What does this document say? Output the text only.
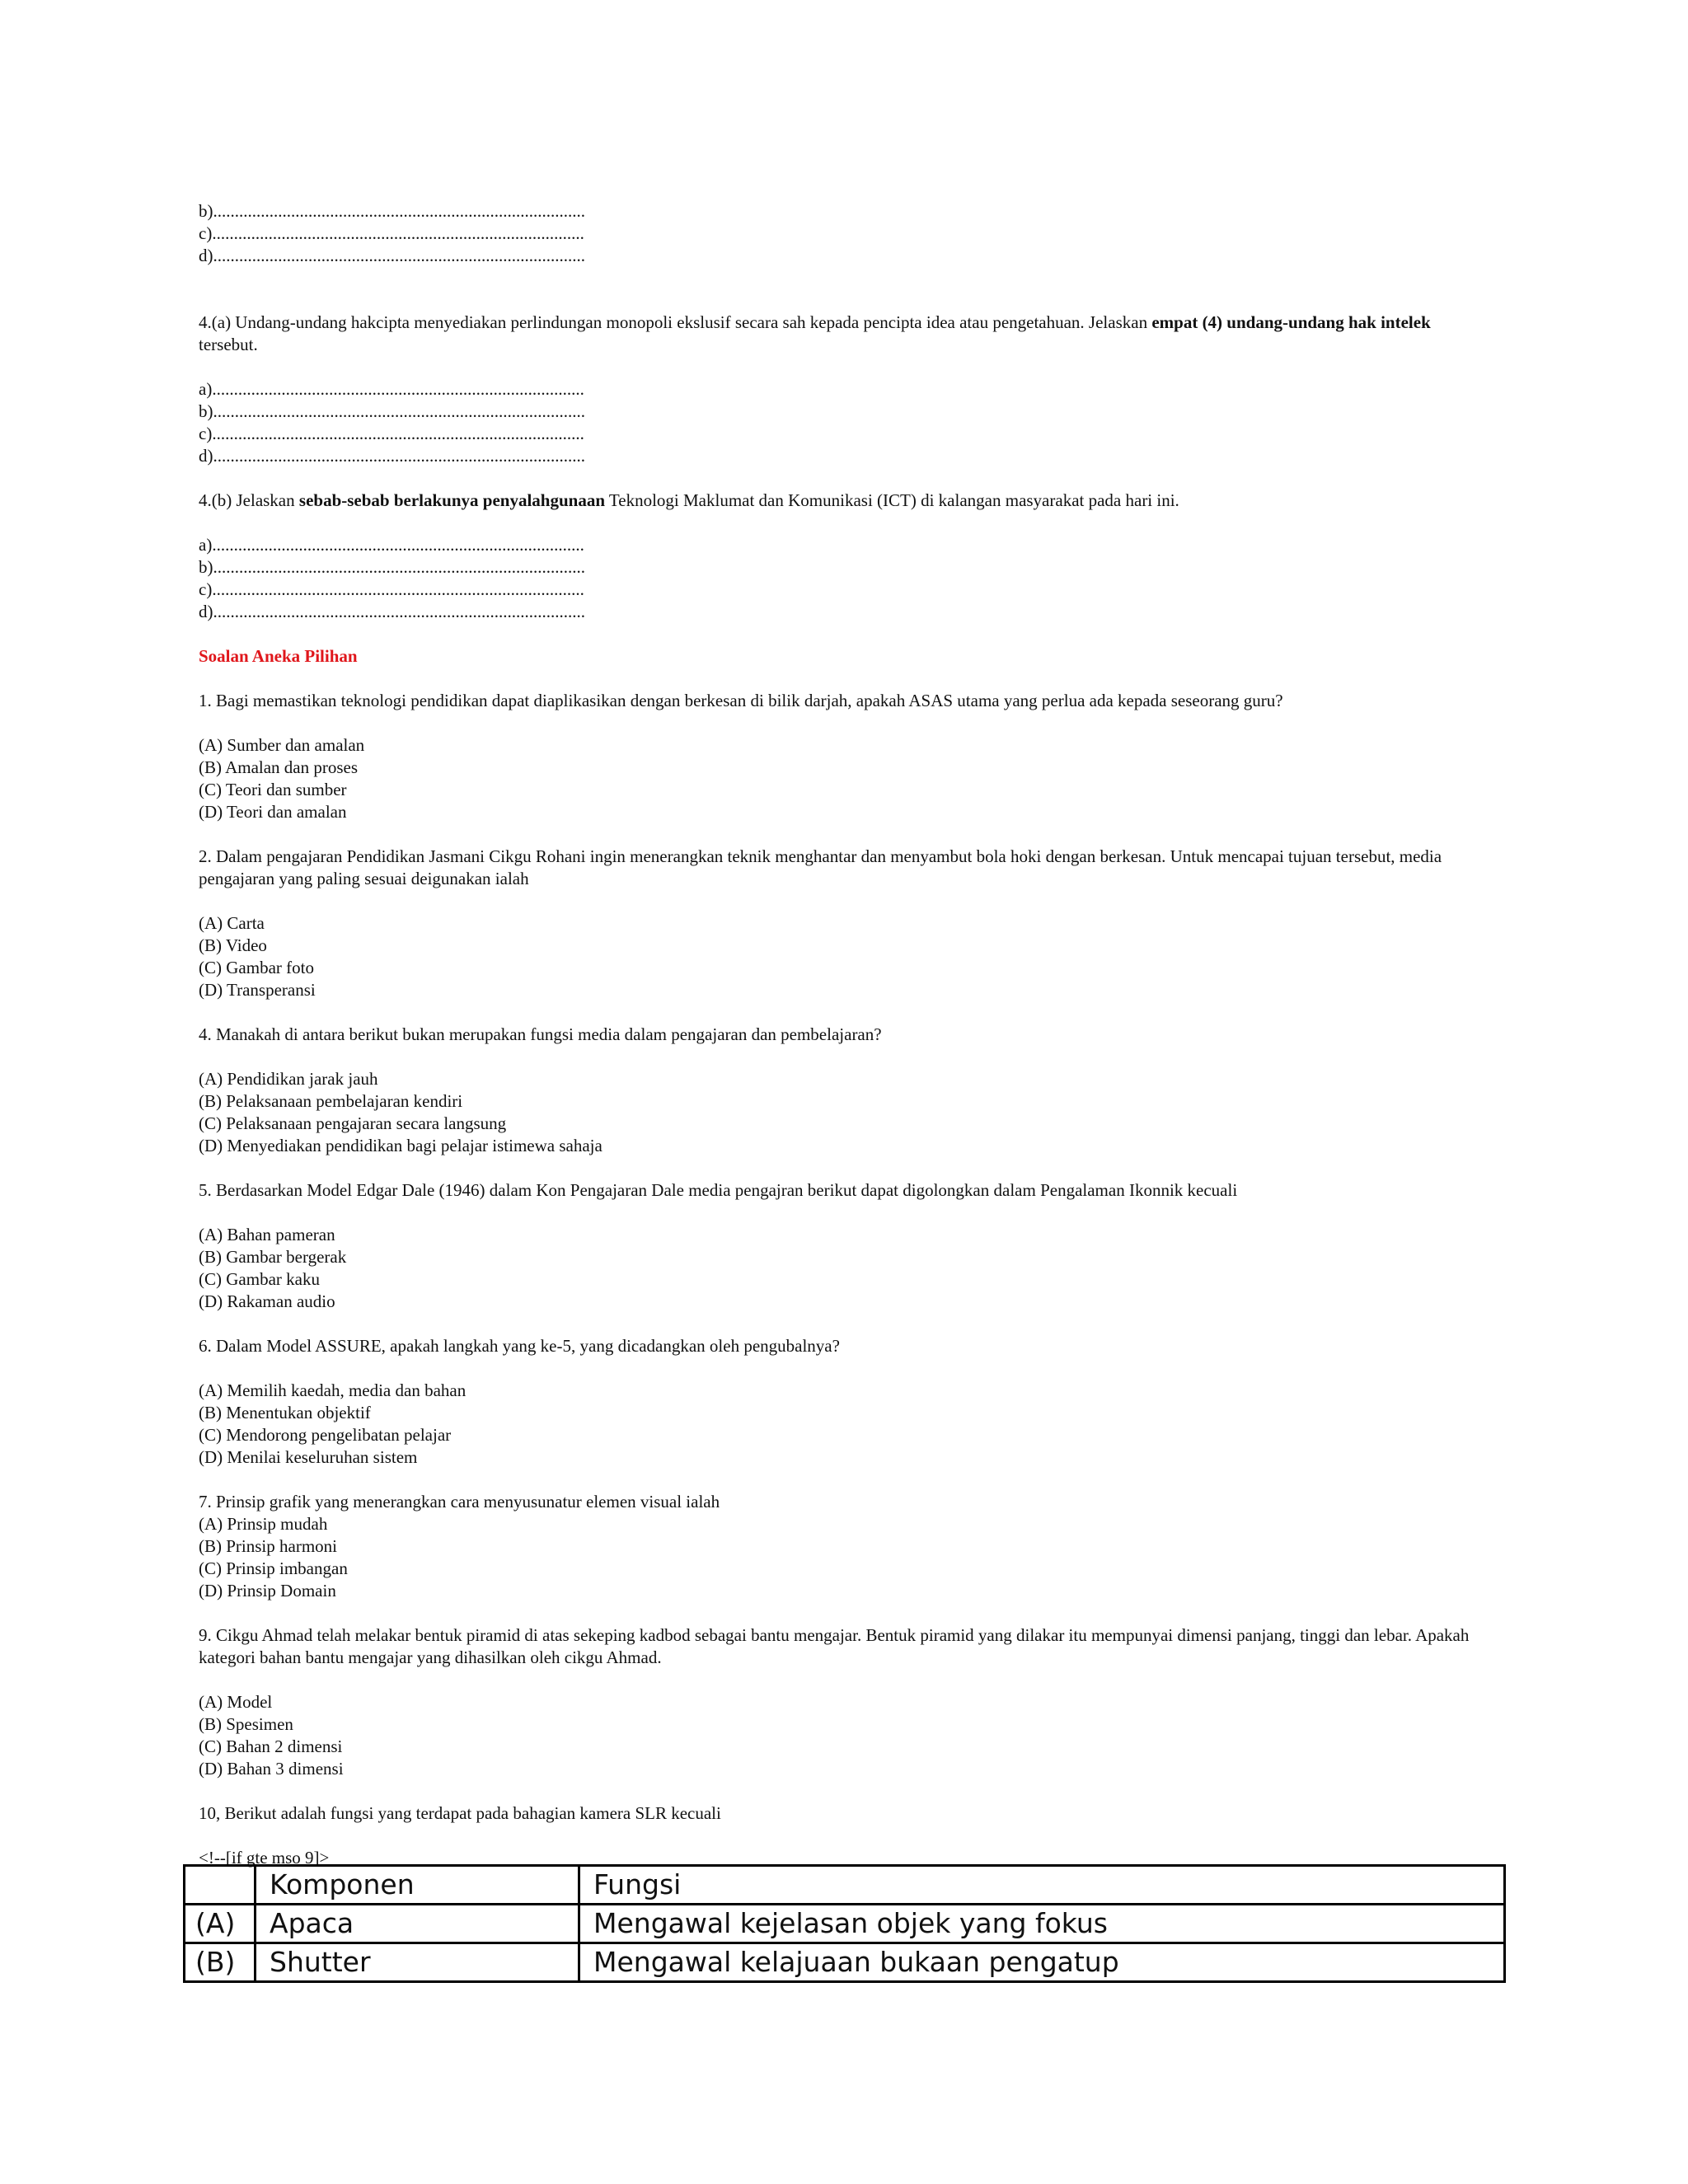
b)......................................................................................
c)......................................................................................
d)......................................................................................
4.(a) Undang-undang hakcipta menyediakan perlindungan monopoli ekslusif secara sah kepada pencipta idea atau pengetahuan. Jelaskan empat (4) undang-undang hak intelek tersebut.
a)......................................................................................
b)......................................................................................
c)......................................................................................
d)......................................................................................
4.(b) Jelaskan sebab-sebab berlakunya penyalahgunaan Teknologi Maklumat dan Komunikasi (ICT) di kalangan masyarakat pada hari ini.
a)......................................................................................
b)......................................................................................
c)......................................................................................
d)......................................................................................
Soalan Aneka Pilihan
1. Bagi memastikan teknologi pendidikan dapat diaplikasikan dengan berkesan di bilik darjah, apakah ASAS utama yang perlua ada kepada seseorang guru?
(A) Sumber dan amalan
(B) Amalan dan proses
(C) Teori dan sumber
(D) Teori dan amalan
2. Dalam pengajaran Pendidikan Jasmani Cikgu Rohani ingin menerangkan teknik menghantar dan menyambut bola hoki dengan berkesan. Untuk mencapai tujuan tersebut, media pengajaran yang paling sesuai deigunakan ialah
(A) Carta
(B) Video
(C) Gambar foto
(D) Transperansi
4. Manakah di antara berikut bukan merupakan fungsi media dalam pengajaran dan pembelajaran?
(A) Pendidikan jarak jauh
(B) Pelaksanaan pembelajaran kendiri
(C) Pelaksanaan pengajaran secara langsung
(D) Menyediakan pendidikan bagi pelajar istimewa sahaja
5. Berdasarkan Model Edgar Dale (1946) dalam Kon Pengajaran Dale media pengajran berikut dapat digolongkan dalam Pengalaman Ikonnik kecuali
(A) Bahan pameran
(B) Gambar bergerak
(C) Gambar kaku
(D) Rakaman audio
6. Dalam Model ASSURE, apakah langkah yang ke-5, yang dicadangkan oleh pengubalnya?
(A) Memilih kaedah, media dan bahan
(B) Menentukan objektif
(C) Mendorong pengelibatan pelajar
(D) Menilai keseluruhan sistem
7. Prinsip grafik yang menerangkan cara menyusunatur elemen visual ialah
(A) Prinsip mudah
(B) Prinsip harmoni
(C) Prinsip imbangan
(D) Prinsip Domain
9. Cikgu Ahmad telah melakar bentuk piramid di atas sekeping kadbod sebagai bantu mengajar. Bentuk piramid yang dilakar itu mempunyai dimensi panjang, tinggi dan lebar. Apakah kategori bahan bantu mengajar yang dihasilkan oleh cikgu Ahmad.
(A) Model
(B) Spesimen
(C) Bahan 2 dimensi
(D) Bahan 3 dimensi
10, Berikut adalah fungsi yang terdapat pada bahagian kamera SLR kecuali
<!--[if gte mso 9]>
	Komponen	Fungsi
(A)	Apaca	Mengawal kejelasan objek yang fokus
(B)	Shutter	Mengawal kelajuaan bukaan pengatup
